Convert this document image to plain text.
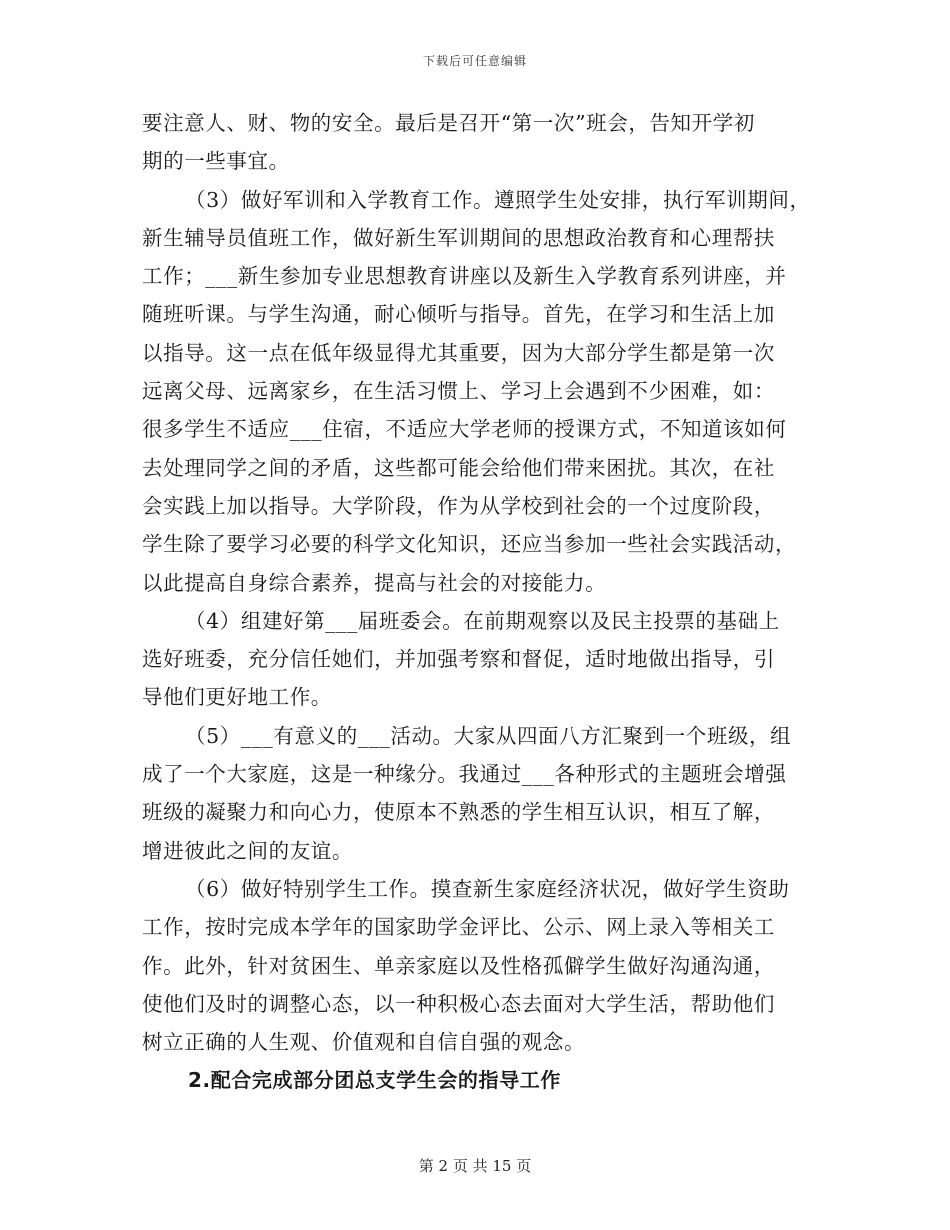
下载后可任意编辑
要注意人、财、物的安全。最后是召开“第一次”班会，告知开学初
期的一些事宜。
（3）做好军训和入学教育工作。遵照学生处安排，执行军训期间，
新生辅导员值班工作，做好新生军训期间的思想政治教育和心理帮扶
工作；___新生参加专业思想教育讲座以及新生入学教育系列讲座，并
随班听课。与学生沟通，耐心倾听与指导。首先，在学习和生活上加
以指导。这一点在低年级显得尤其重要，因为大部分学生都是第一次
远离父母、远离家乡，在生活习惯上、学习上会遇到不少困难，如：
很多学生不适应___住宿，不适应大学老师的授课方式，不知道该如何
去处理同学之间的矛盾，这些都可能会给他们带来困扰。其次，在社
会实践上加以指导。大学阶段，作为从学校到社会的一个过度阶段，
学生除了要学习必要的科学文化知识，还应当参加一些社会实践活动，
以此提高自身综合素养，提高与社会的对接能力。
（4）组建好第___届班委会。在前期观察以及民主投票的基础上
选好班委，充分信任她们，并加强考察和督促，适时地做出指导，引
导他们更好地工作。
（5）___有意义的___活动。大家从四面八方汇聚到一个班级，组
成了一个大家庭，这是一种缘分。我通过___各种形式的主题班会增强
班级的凝聚力和向心力，使原本不熟悉的学生相互认识，相互了解，
增进彼此之间的友谊。
（6）做好特别学生工作。摸查新生家庭经济状况，做好学生资助
工作，按时完成本学年的国家助学金评比、公示、网上录入等相关工
作。此外，针对贫困生、单亲家庭以及性格孤僻学生做好沟通沟通，
使他们及时的调整心态，以一种积极心态去面对大学生活，帮助他们
树立正确的人生观、价值观和自信自强的观念。
2.配合完成部分团总支学生会的指导工作
第 2 页 共 15 页
